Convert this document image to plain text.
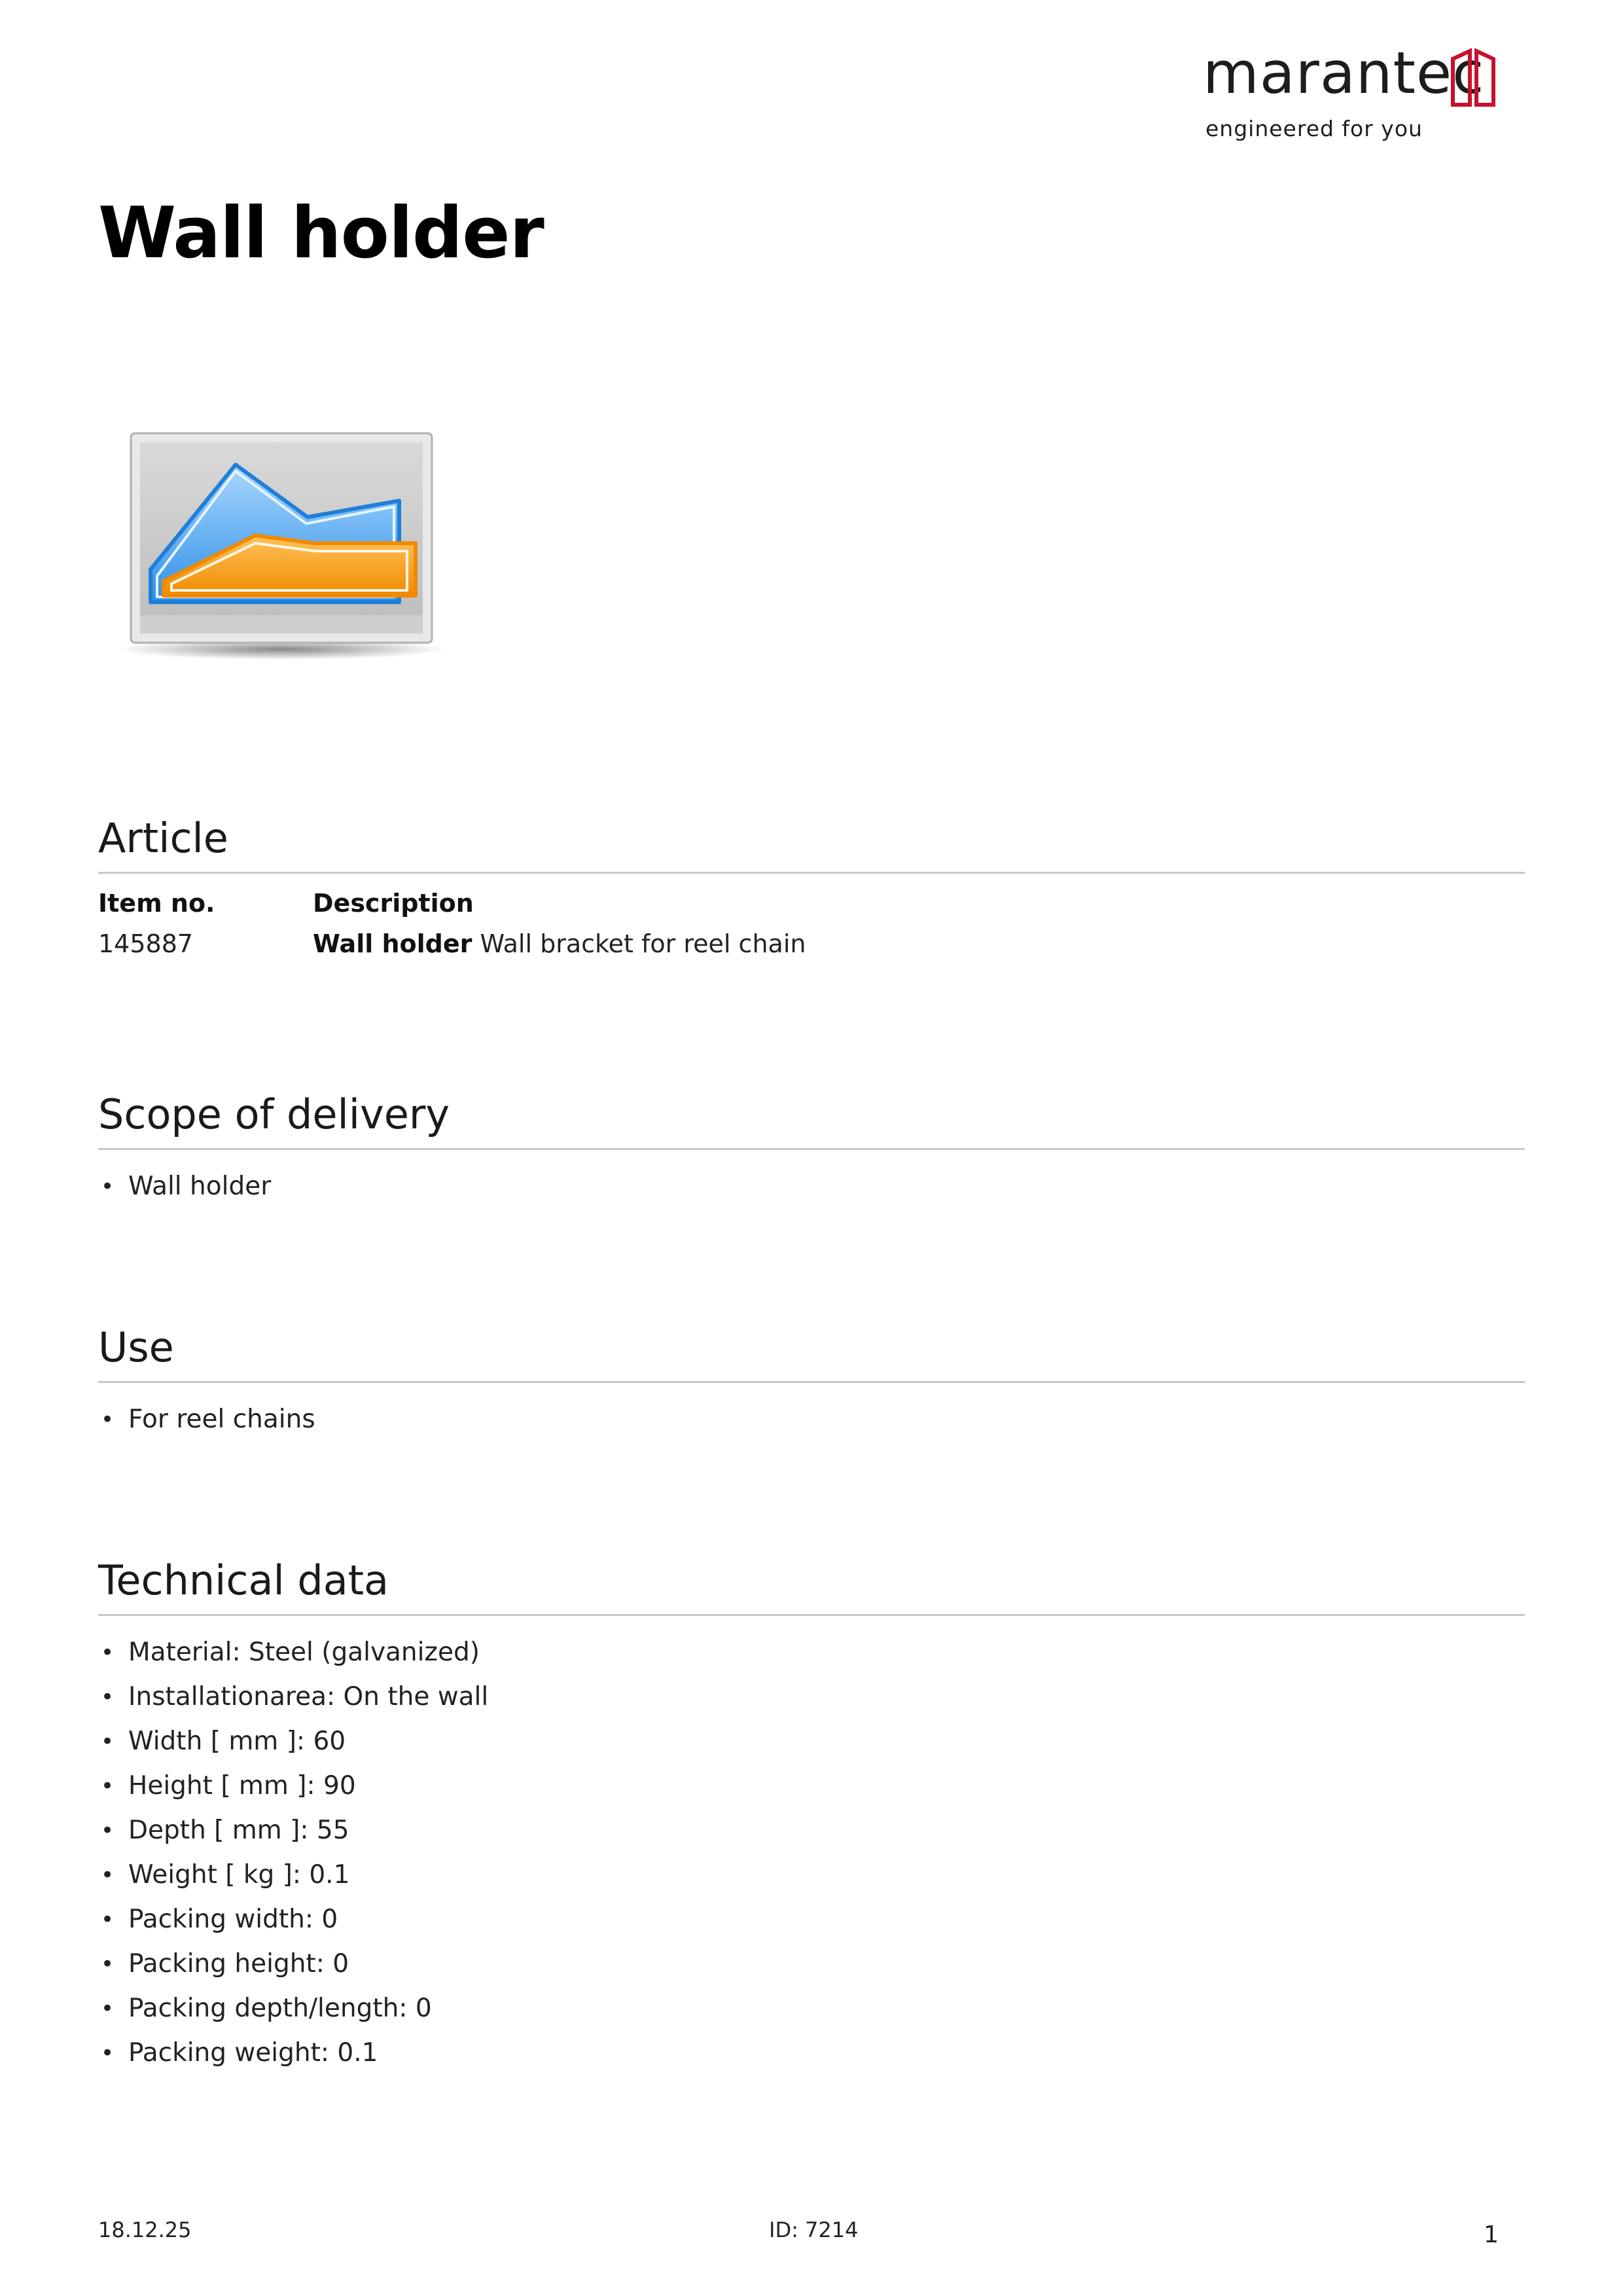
marantec
engineered for you
Wall holder
Article
Item no.	Description
145887	Wall holder Wall bracket for reel chain
Scope of delivery
• Wall holder
Use
• For reel chains
Technical data
• Material: Steel (galvanized)
• Installationarea: On the wall
• Width [ mm ]: 60
• Height [ mm ]: 90
• Depth [ mm ]: 55
• Weight [ kg ]: 0.1
• Packing width: 0
• Packing height: 0
• Packing depth/length: 0
• Packing weight: 0.1
18.12.25	ID: 7214	1
